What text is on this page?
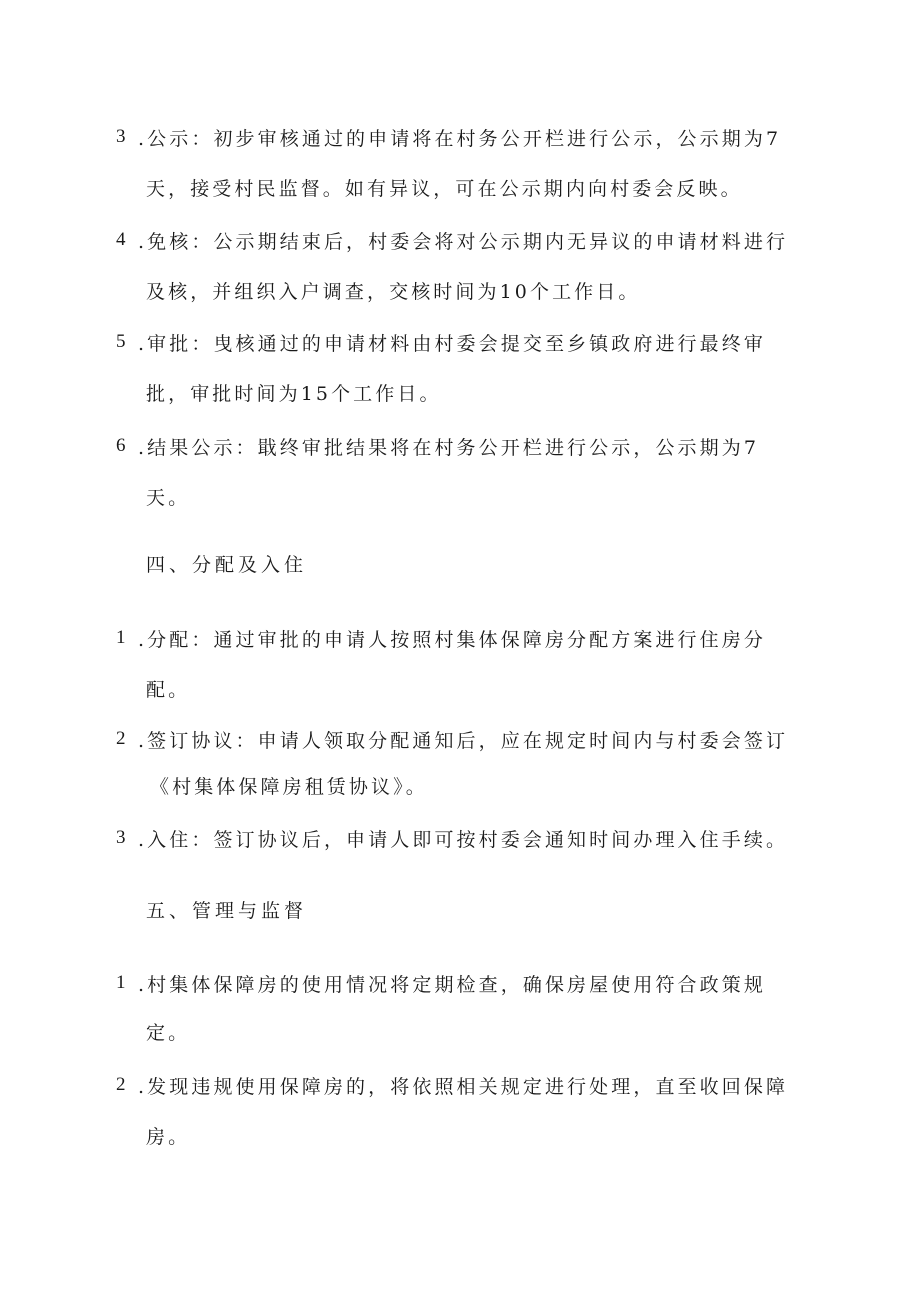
3 .公示：初步审核通过的申请将在村务公开栏进行公示，公示期为7
天，接受村民监督。如有异议，可在公示期内向村委会反映。
4 .免核：公示期结束后，村委会将对公示期内无异议的申请材料进行
及核，并组织入户调查，交核时间为10个工作日。
5 .审批：曳核通过的申请材料由村委会提交至乡镇政府进行最终审
批，审批时间为15个工作日。
6 .结果公示：戢终审批结果将在村务公开栏进行公示，公示期为7
天。
四、分配及入住
1 .分配：通过审批的申请人按照村集体保障房分配方案进行住房分
配。
2 .签订协议：申请人领取分配通知后，应在规定时间内与村委会签订
《村集体保障房租赁协议》。
3 .入住：签订协议后，申请人即可按村委会通知时间办理入住手续。
五、管理与监督
1 .村集体保障房的使用情况将定期检查，确保房屋使用符合政策规
定。
2 .发现违规使用保障房的，将依照相关规定进行处理，直至收回保障
房。
